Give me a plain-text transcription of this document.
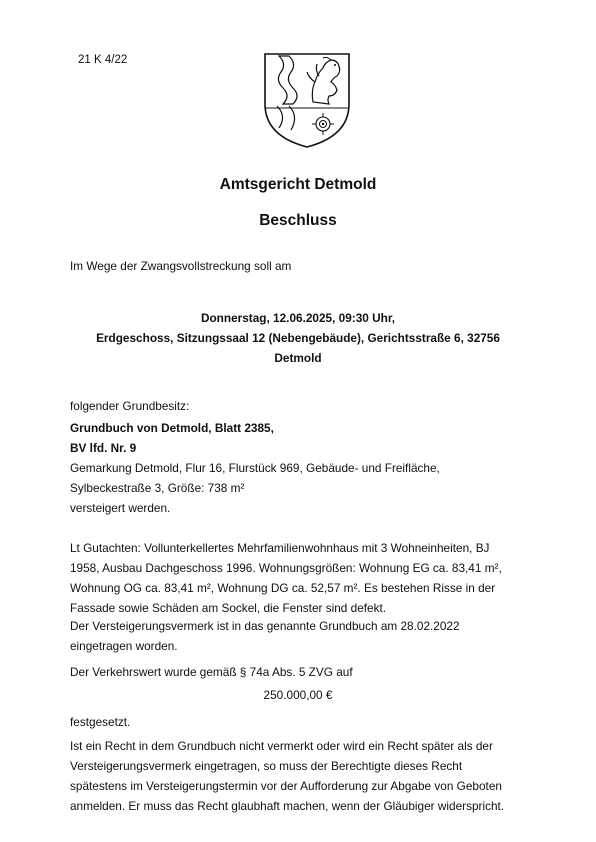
21 K 4/22
Amtsgericht Detmold
Beschluss
Im Wege der Zwangsvollstreckung soll am
Donnerstag, 12.06.2025, 09:30 Uhr,
Erdgeschoss, Sitzungssaal 12 (Nebengebäude), Gerichtsstraße 6, 32756
Detmold
folgender Grundbesitz:
Grundbuch von Detmold, Blatt 2385,
BV lfd. Nr. 9
Gemarkung Detmold, Flur 16, Flurstück 969, Gebäude- und Freifläche,
Sylbeckestraße 3, Größe: 738 m²
versteigert werden.
Lt Gutachten: Vollunterkellertes Mehrfamilienwohnhaus mit 3 Wohneinheiten, BJ
1958, Ausbau Dachgeschoss 1996. Wohnungsgrößen: Wohnung EG ca. 83,41 m²,
Wohnung OG ca. 83,41 m², Wohnung DG ca. 52,57 m². Es bestehen Risse in der
Fassade sowie Schäden am Sockel, die Fenster sind defekt.
Der Versteigerungsvermerk ist in das genannte Grundbuch am 28.02.2022
eingetragen worden.
Der Verkehrswert wurde gemäß § 74a Abs. 5 ZVG auf
250.000,00 €
festgesetzt.
Ist ein Recht in dem Grundbuch nicht vermerkt oder wird ein Recht später als der
Versteigerungsvermerk eingetragen, so muss der Berechtigte dieses Recht
spätestens im Versteigerungstermin vor der Aufforderung zur Abgabe von Geboten
anmelden. Er muss das Recht glaubhaft machen, wenn der Gläubiger widerspricht.
